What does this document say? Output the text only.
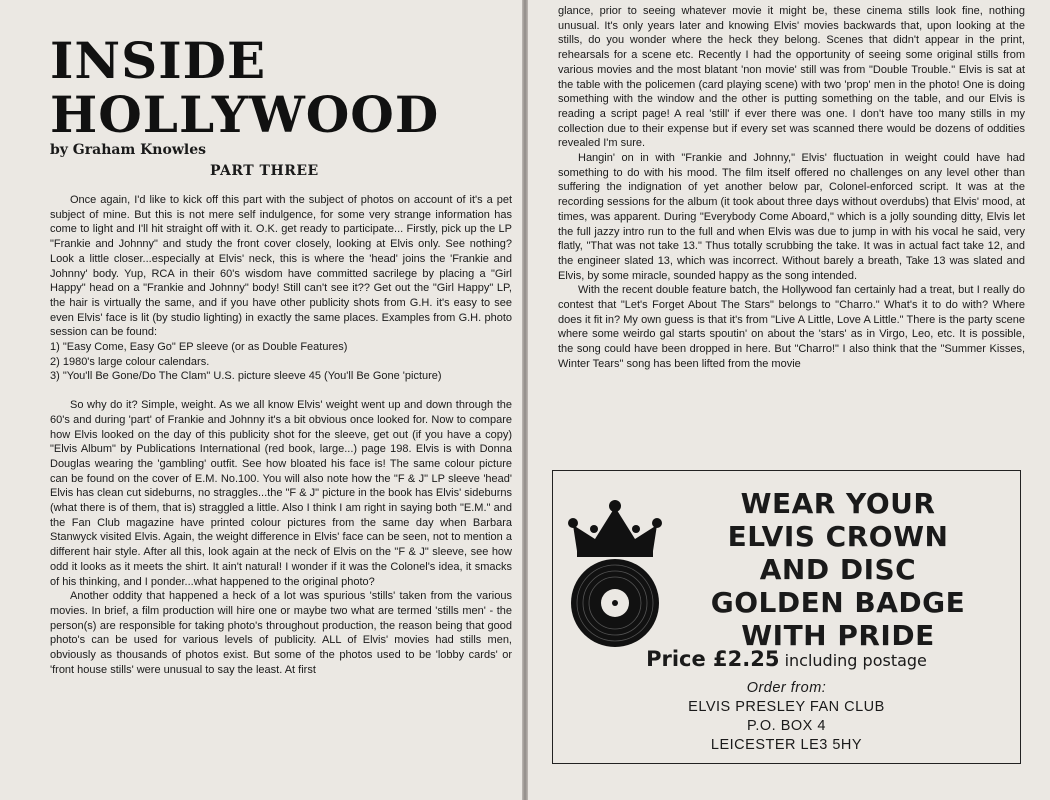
INSIDE
HOLLYWOOD
by Graham Knowles
PART THREE

Once again, I'd like to kick off this part with the subject of photos on account of it's a pet subject of mine. But this is not mere self indulgence, for some very strange information has come to light and I'll hit straight off with it. O.K. get ready to participate... Firstly, pick up the LP "Frankie and Johnny" and study the front cover closely, looking at Elvis only. See nothing? Look a little closer...especially at Elvis' neck, this is where the 'head' joins the 'Frankie and Johnny' body. Yup, RCA in their 60's wisdom have committed sacrilege by placing a "Girl Happy" head on a "Frankie and Johnny" body! Still can't see it?? Get out the "Girl Happy" LP, the hair is virtually the same, and if you have other publicity shots from G.H. it's easy to see even Elvis' face is lit (by studio lighting) in exactly the same places. Examples from G.H. photo session can be found:

1) "Easy Come, Easy Go" EP sleeve (or as Double Features)
2) 1980's large colour calendars.
3) "You'll Be Gone/Do The Clam" U.S. picture sleeve 45 (You'll Be Gone 'picture)

So why do it? Simple, weight. As we all know Elvis' weight went up and down through the 60's and during 'part' of Frankie and Johnny it's a bit obvious once looked for. Now to compare how Elvis looked on the day of this publicity shot for the sleeve, get out (if you have a copy) "Elvis Album" by Publications International (red book, large...) page 198. Elvis is with Donna Douglas wearing the 'gambling' outfit. See how bloated his face is! The same colour picture can be found on the cover of E.M. No.100. You will also note how the "F & J" LP sleeve 'head' Elvis has clean cut sideburns, no straggles...the "F & J" picture in the book has Elvis' sideburns (what there is of them, that is) straggled a little. Also I think I am right in saying both "E.M." and the Fan Club magazine have printed colour pictures from the same day when Barbara Stanwyck visited Elvis. Again, the weight difference in Elvis' face can be seen, not to mention a different hair style. After all this, look again at the neck of Elvis on the "F & J" sleeve, see how odd it looks as it meets the shirt. It ain't natural! I wonder if it was the Colonel's idea, it smacks of his thinking, and I ponder...what happened to the original photo?

Another oddity that happened a heck of a lot was spurious 'stills' taken from the various movies. In brief, a film production will hire one or maybe two what are termed 'stills men' - the person(s) are responsible for taking photo's throughout production, the reason being that good photo's can be used for various levels of publicity. ALL of Elvis' movies had stills men, obviously as thousands of photos exist. But some of the photos used to be 'lobby cards' or 'front house stills' were unusual to say the least. At first

glance, prior to seeing whatever movie it might be, these cinema stills look fine, nothing unusual. It's only years later and knowing Elvis' movies backwards that, upon looking at the stills, do you wonder where the heck they belong. Scenes that didn't appear in the print, rehearsals for a scene etc. Recently I had the opportunity of seeing some original stills from various movies and the most blatant 'non movie' still was from "Double Trouble." Elvis is sat at the table with the policemen (card playing scene) with two 'prop' men in the photo! One is doing something with the window and the other is putting something on the table, and our Elvis is reading a script page! A real 'still' if ever there was one. I don't have too many stills in my collection due to their expense but if every set was scanned there would be dozens of oddities revealed I'm sure.

Hangin' on in with "Frankie and Johnny," Elvis' fluctuation in weight could have had something to do with his mood. The film itself offered no challenges on any level other than suffering the indignation of yet another below par, Colonel-enforced script. It was at the recording sessions for the album (it took about three days without overdubs) that Elvis' mood, at times, was apparent. During "Everybody Come Aboard," which is a jolly sounding ditty, Elvis let the full jazzy intro run to the full and when Elvis was due to jump in with his vocal he said, very flatly, "That was not take 13." Thus totally scrubbing the take. It was in actual fact take 12, and the engineer slated 13, which was incorrect. Without barely a breath, Take 13 was slated and Elvis, by some miracle, sounded happy as the song intended.

With the recent double feature batch, the Hollywood fan certainly had a treat, but I really do contest that "Let's Forget About The Stars" belongs to "Charro." What's it to do with? Where does it fit in? My own guess is that it's from "Live A Little, Love A Little." There is the party scene where some weirdo gal starts spoutin' on about the 'stars' as in Virgo, Leo, etc. It is possible, the song could have been dropped in here. But "Charro!" I also think that the "Summer Kisses, Winter Tears" song has been lifted from the movie

WEAR YOUR
ELVIS CROWN
AND DISC
GOLDEN BADGE
WITH PRIDE
Price £2.25 including postage
Order from:
ELVIS PRESLEY FAN CLUB
P.O. BOX 4
LEICESTER LE3 5HY
